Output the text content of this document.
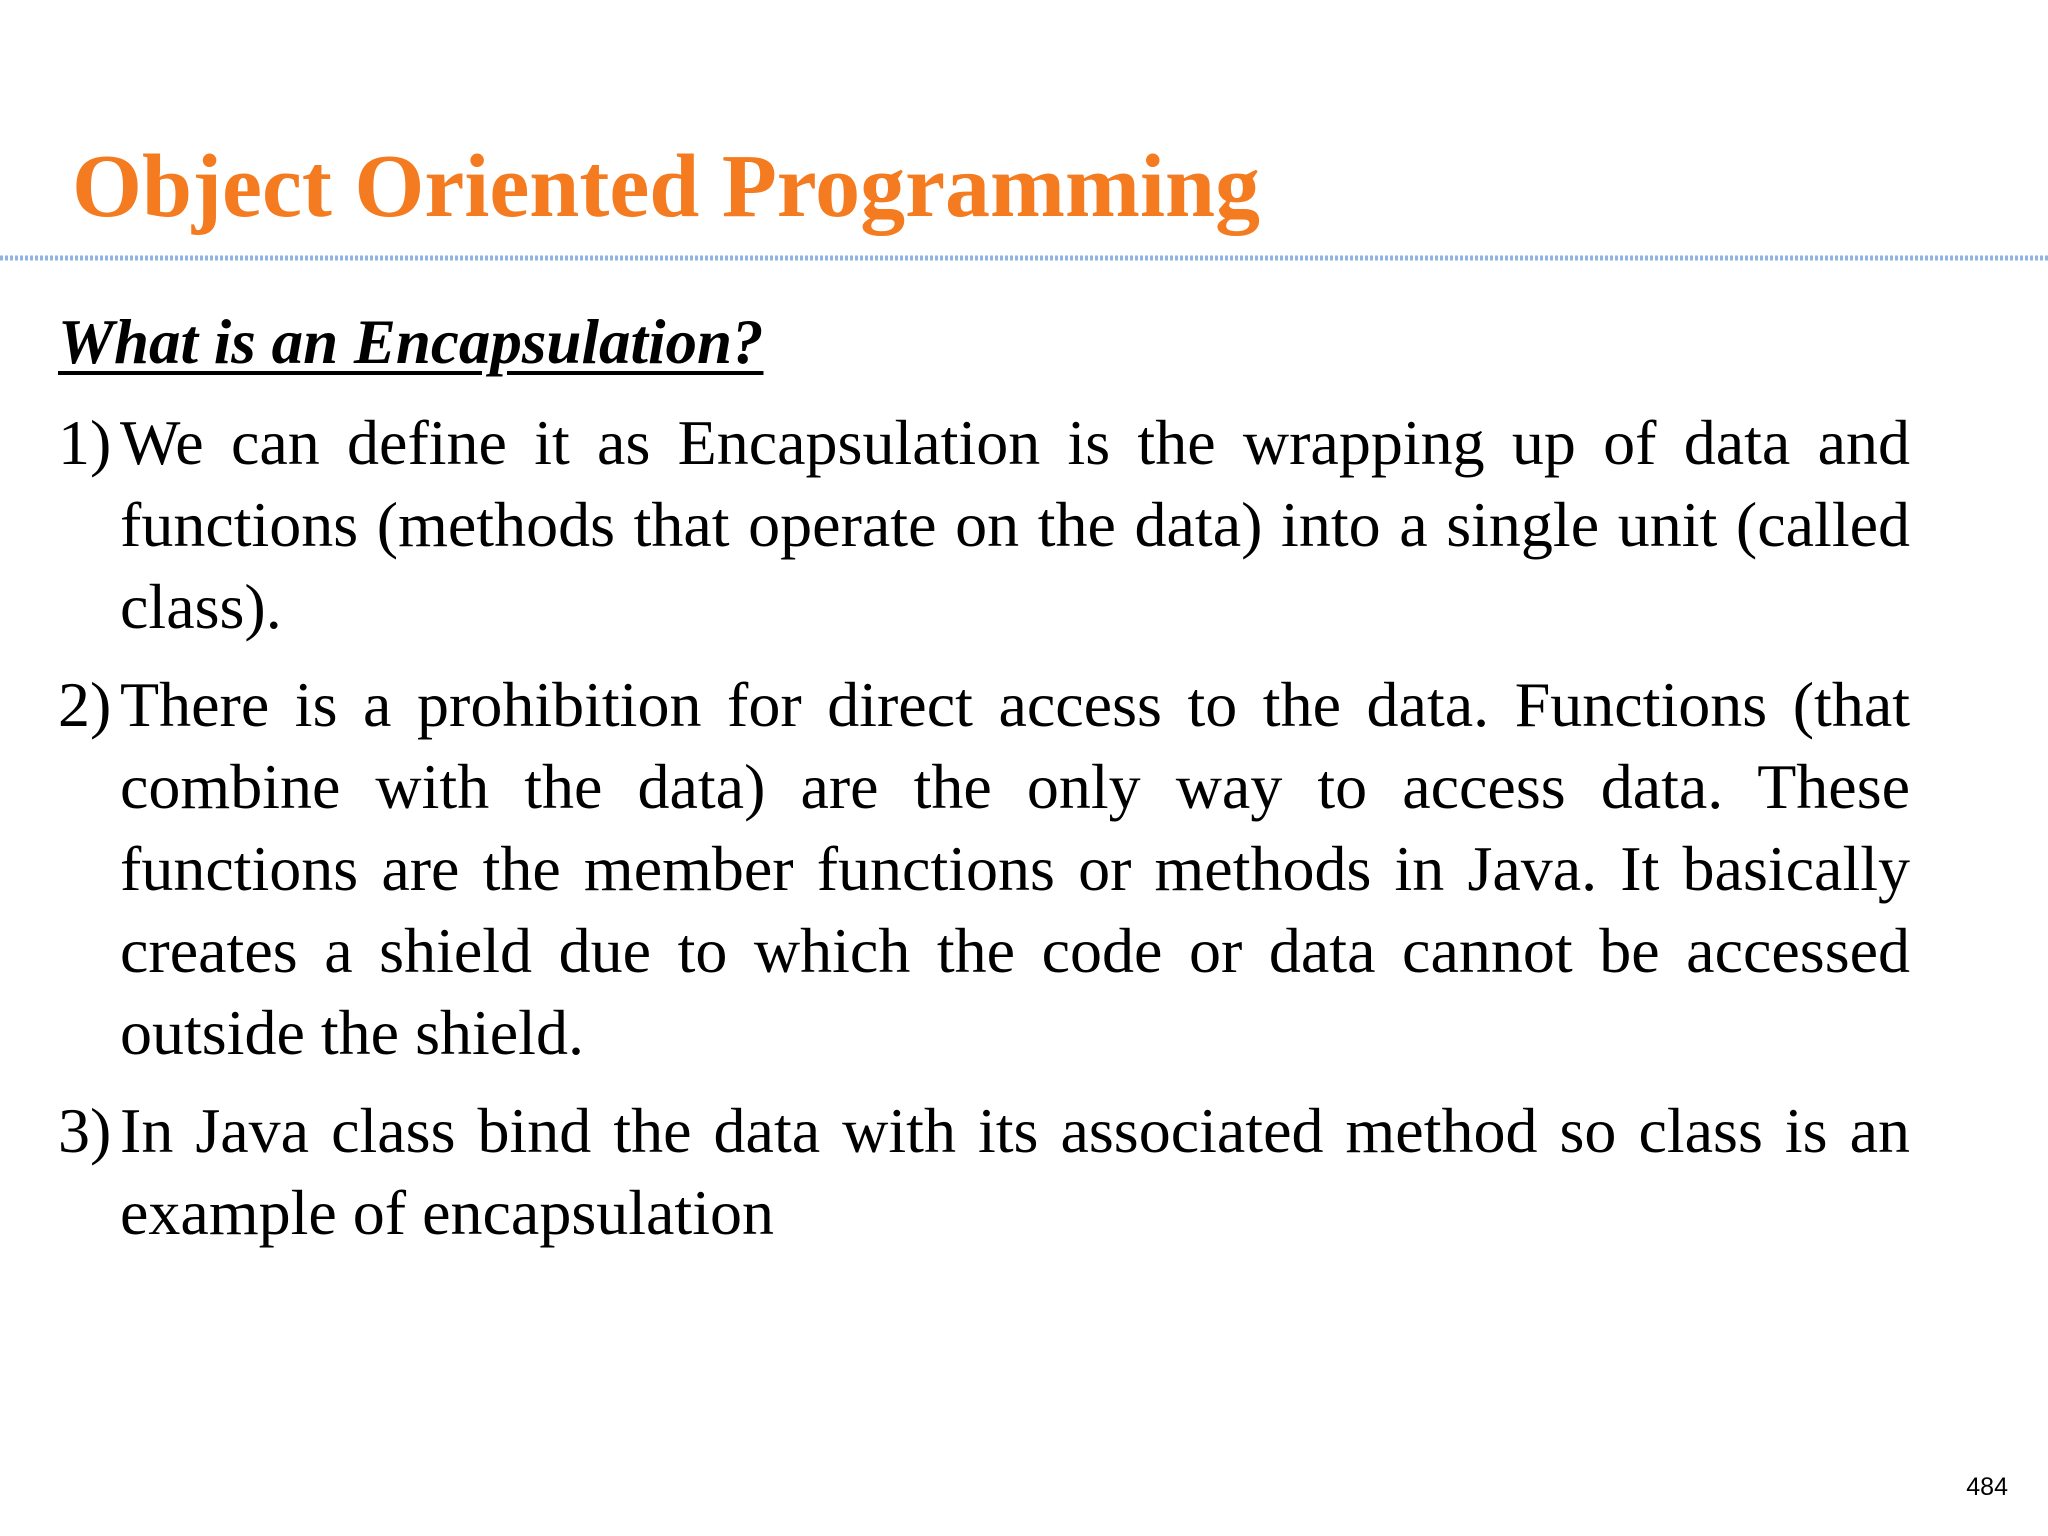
Object Oriented Programming
What is an Encapsulation?
1) We can define it as Encapsulation is the wrapping up of data and functions (methods that operate on the data) into a single unit (called class).
2) There is a prohibition for direct access to the data. Functions (that combine with the data) are the only way to access data. These functions are the member functions or methods in Java. It basically creates a shield due to which the code or data cannot be accessed outside the shield.
3) In Java class bind the data with its associated method so class is an example of encapsulation
484
